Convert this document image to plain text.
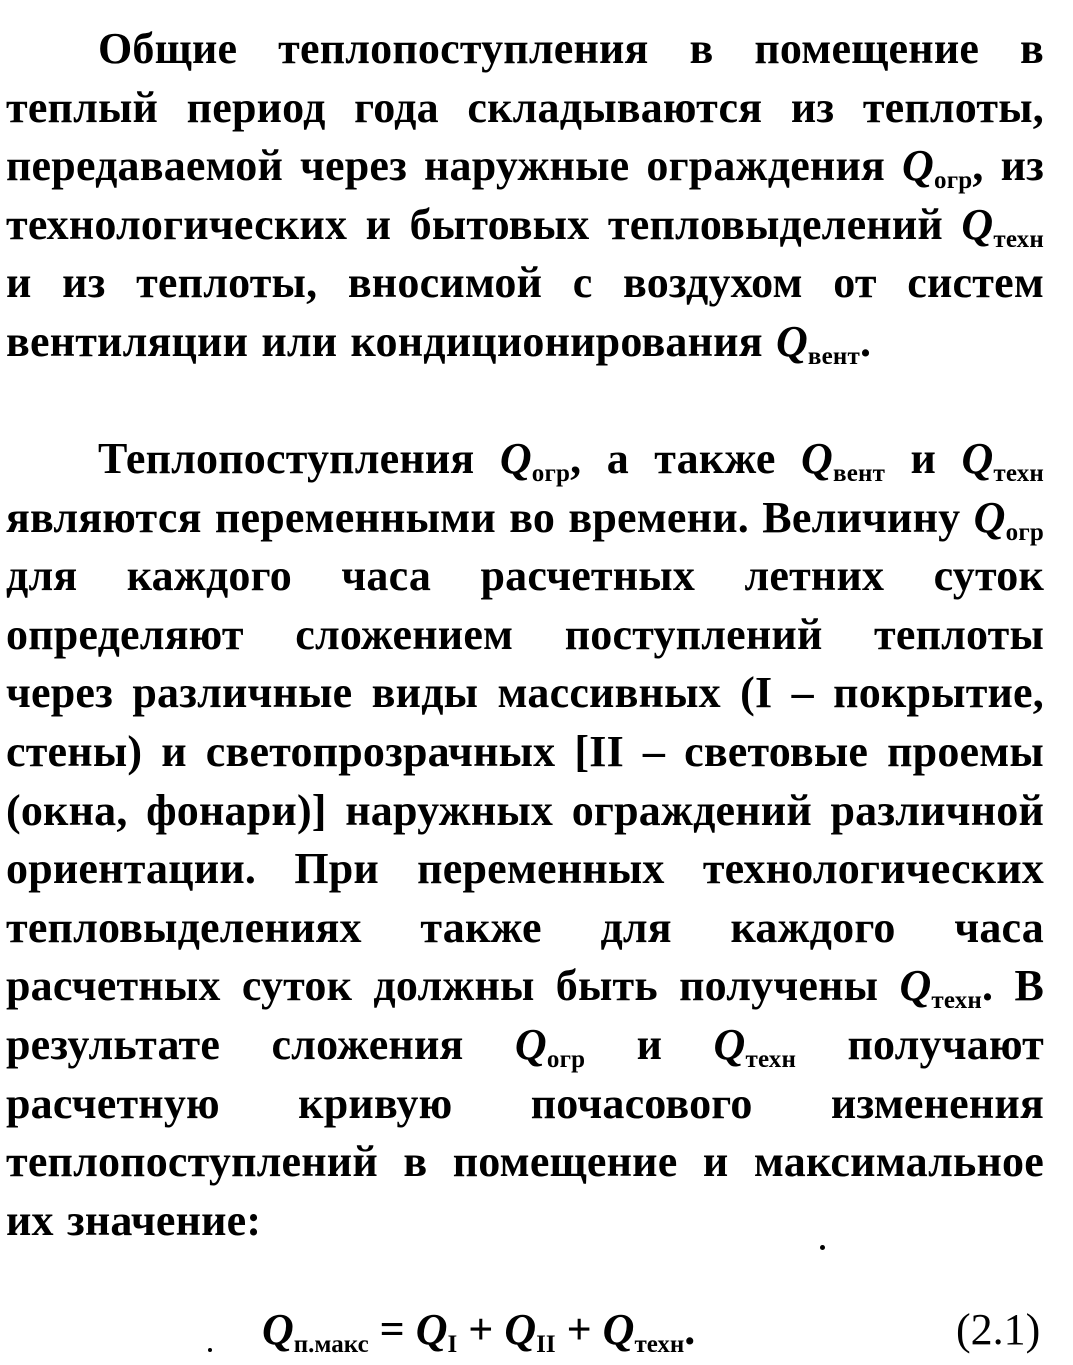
Общие теплопоступления в помещение в теплый период года складываются из теплоты, передаваемой через наружные ограждения $Q_{огр}$, из технологических и бытовых тепловыделений $Q_{техн}$ и из теплоты, вносимой с воздухом от систем вентиляции или кондиционирования $Q_{вент}$.
Теплопоступления $Q_{огр}$, а также $Q_{вент}$ и $Q_{техн}$ являются переменными во времени. Величину $Q_{огр}$ для каждого часа расчетных летних суток определяют сложением поступлений теплоты через различные виды массивных (I – покрытие, стены) и светопрозрачных [II – световые проемы (окна, фонари)] наружных ограждений различной ориентации. При переменных технологических тепловыделениях также для каждого часа расчетных суток должны быть получены $Q_{техн}$. В результате сложения $Q_{огр}$ и $Q_{техн}$ получают расчетную кривую почасового изменения теплопоступлений в помещение и максимальное их значение:
$Q_{п.макс} = Q_I + Q_{II} + Q_{техн}$.	(2.1)
